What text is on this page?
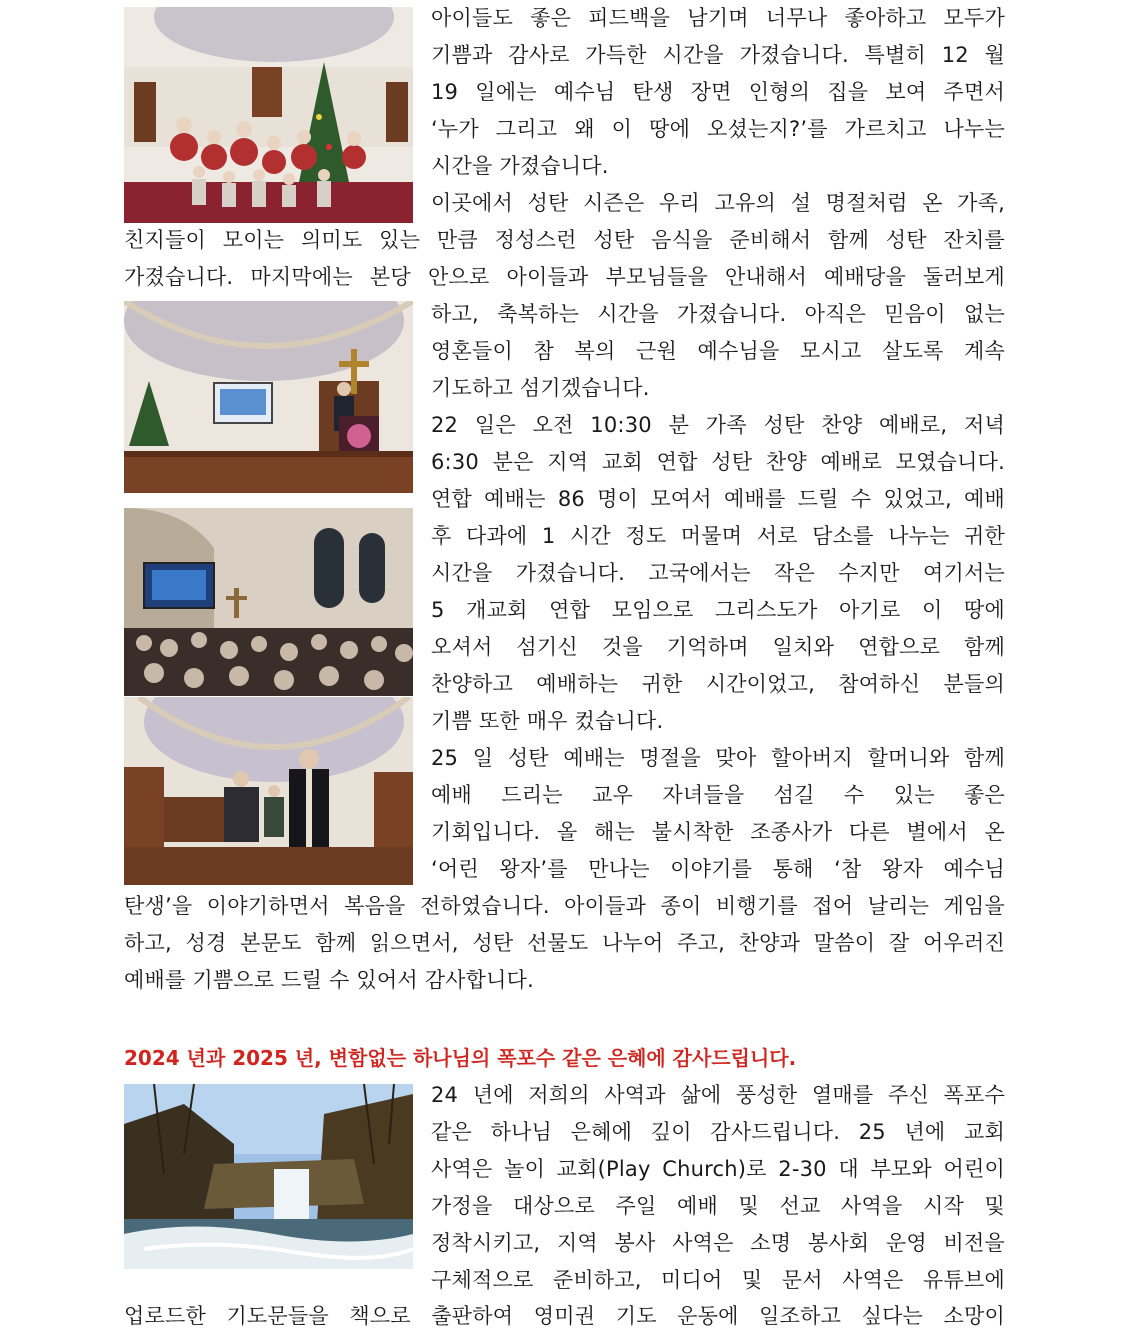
아이들도 좋은 피드백을 남기며 너무나 좋아하고 모두가
기쁨과 감사로 가득한 시간을 가졌습니다. 특별히 12 월
19 일에는 예수님 탄생 장면 인형의 집을 보여 주면서
‘누가 그리고 왜 이 땅에 오셨는지?’를 가르치고 나누는
시간을 가졌습니다.
이곳에서 성탄 시즌은 우리 고유의 설 명절처럼 온 가족,
친지들이 모이는 의미도 있는 만큼 정성스런 성탄 음식을 준비해서 함께 성탄 잔치를
가졌습니다. 마지막에는 본당 안으로 아이들과 부모님들을 안내해서 예배당을 둘러보게
하고, 축복하는 시간을 가졌습니다. 아직은 믿음이 없는
영혼들이 참 복의 근원 예수님을 모시고 살도록 계속
기도하고 섬기겠습니다.
22 일은 오전 10:30 분 가족 성탄 찬양 예배로, 저녁
6:30 분은 지역 교회 연합 성탄 찬양 예배로 모였습니다.
연합 예배는 86 명이 모여서 예배를 드릴 수 있었고, 예배
후 다과에 1 시간 정도 머물며 서로 담소를 나누는 귀한
시간을 가졌습니다. 고국에서는 작은 수지만 여기서는
5 개교회 연합 모임으로 그리스도가 아기로 이 땅에
오셔서 섬기신 것을 기억하며 일치와 연합으로 함께
찬양하고 예배하는 귀한 시간이었고, 참여하신 분들의
기쁨 또한 매우 컸습니다.
25 일 성탄 예배는 명절을 맞아 할아버지 할머니와 함께
예배 드리는 교우 자녀들을 섬길 수 있는 좋은
기회입니다. 올 해는 불시착한 조종사가 다른 별에서 온
‘어린 왕자’를 만나는 이야기를 통해 ‘참 왕자 예수님
탄생’을 이야기하면서 복음을 전하였습니다. 아이들과 종이 비행기를 접어 날리는 게임을
하고, 성경 본문도 함께 읽으면서, 성탄 선물도 나누어 주고, 찬양과 말씀이 잘 어우러진
예배를 기쁨으로 드릴 수 있어서 감사합니다.
2024 년과 2025 년, 변함없는 하나님의 폭포수 같은 은혜에 감사드립니다.
24 년에 저희의 사역과 삶에 풍성한 열매를 주신 폭포수
같은 하나님 은혜에 깊이 감사드립니다. 25 년에 교회
사역은 놀이 교회(Play Church)로 2-30 대 부모와 어린이
가정을 대상으로 주일 예배 및 선교 사역을 시작 및
정착시키고, 지역 봉사 사역은 소명 봉사회 운영 비전을
구체적으로 준비하고, 미디어 및 문서 사역은 유튜브에
업로드한 기도문들을 책으로 출판하여 영미권 기도 운동에 일조하고 싶다는 소망이
